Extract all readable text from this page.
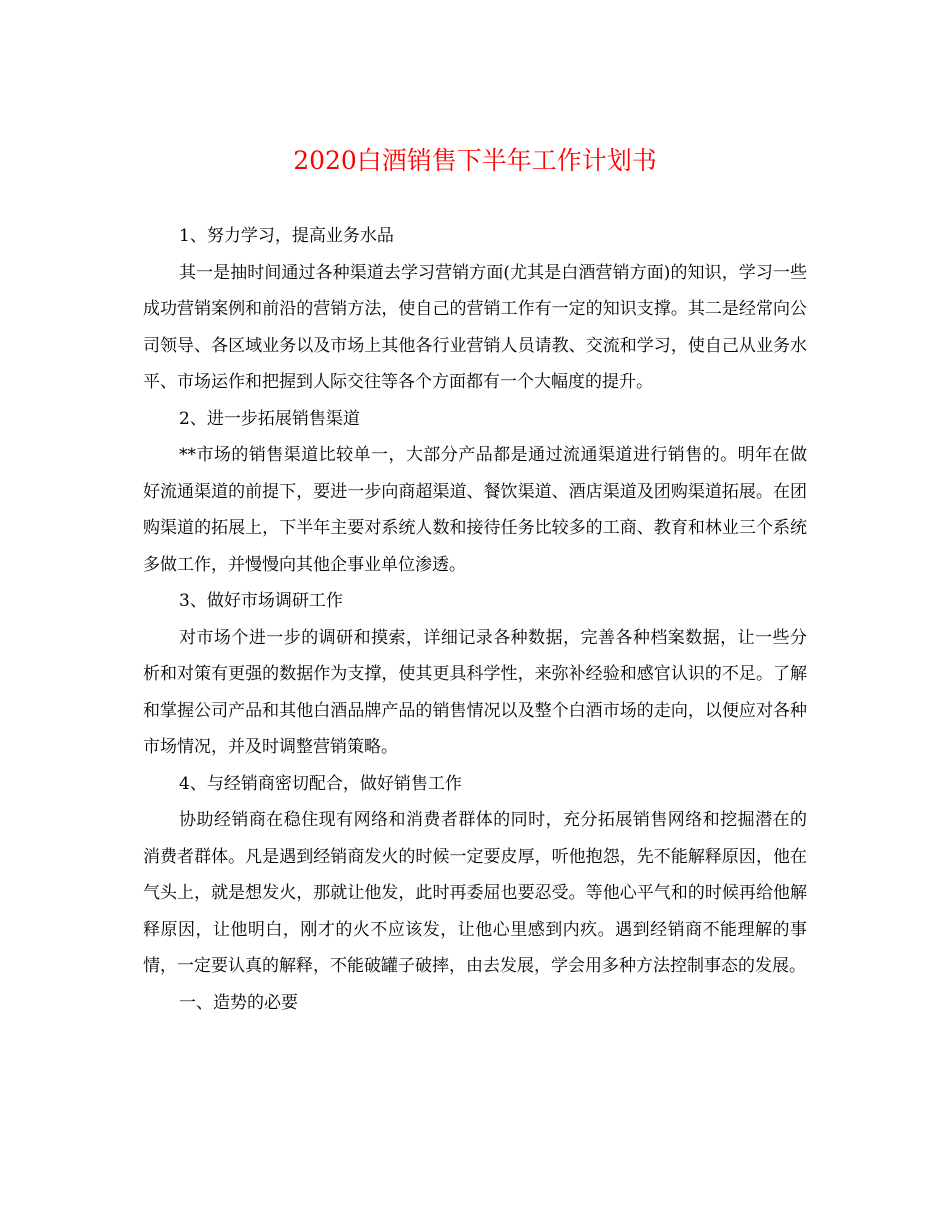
2020白酒销售下半年工作计划书

1、努力学习，提高业务水品

其一是抽时间通过各种渠道去学习营销方面(尤其是白酒营销方面)的知识，学习一些成功营销案例和前沿的营销方法，使自己的营销工作有一定的知识支撑。其二是经常向公司领导、各区域业务以及市场上其他各行业营销人员请教、交流和学习，使自己从业务水平、市场运作和把握到人际交往等各个方面都有一个大幅度的提升。

2、进一步拓展销售渠道

**市场的销售渠道比较单一，大部分产品都是通过流通渠道进行销售的。明年在做好流通渠道的前提下，要进一步向商超渠道、餐饮渠道、酒店渠道及团购渠道拓展。在团购渠道的拓展上，下半年主要对系统人数和接待任务比较多的工商、教育和林业三个系统多做工作，并慢慢向其他企事业单位渗透。

3、做好市场调研工作

对市场个进一步的调研和摸索，详细记录各种数据，完善各种档案数据，让一些分析和对策有更强的数据作为支撑，使其更具科学性，来弥补经验和感官认识的不足。了解和掌握公司产品和其他白酒品牌产品的销售情况以及整个白酒市场的走向，以便应对各种市场情况，并及时调整营销策略。

4、与经销商密切配合，做好销售工作

协助经销商在稳住现有网络和消费者群体的同时，充分拓展销售网络和挖掘潜在的消费者群体。凡是遇到经销商发火的时候一定要皮厚，听他抱怨，先不能解释原因，他在气头上，就是想发火，那就让他发，此时再委屈也要忍受。等他心平气和的时候再给他解释原因，让他明白，刚才的火不应该发，让他心里感到内疚。遇到经销商不能理解的事情，一定要认真的解释，不能破罐子破摔，由去发展，学会用多种方法控制事态的发展。

一、造势的必要
